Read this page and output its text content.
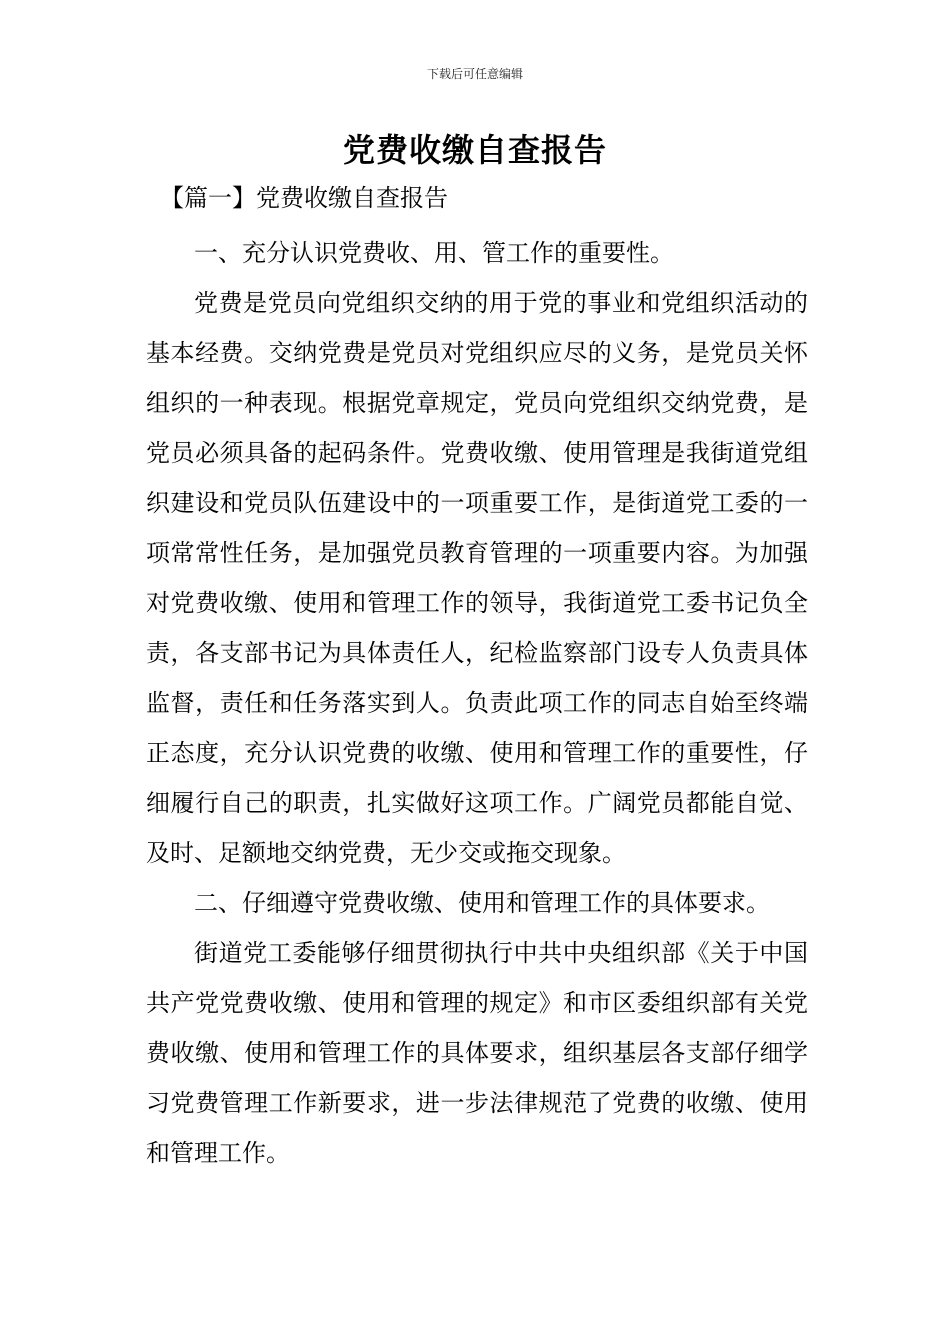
下载后可任意编辑
党费收缴自查报告
【篇一】党费收缴自查报告

一、充分认识党费收、用、管工作的重要性。

党费是党员向党组织交纳的用于党的事业和党组织活动的基本经费。交纳党费是党员对党组织应尽的义务，是党员关怀组织的一种表现。根据党章规定，党员向党组织交纳党费，是党员必须具备的起码条件。党费收缴、使用管理是我街道党组织建设和党员队伍建设中的一项重要工作，是街道党工委的一项常常性任务，是加强党员教育管理的一项重要内容。为加强对党费收缴、使用和管理工作的领导，我街道党工委书记负全责，各支部书记为具体责任人，纪检监察部门设专人负责具体监督，责任和任务落实到人。负责此项工作的同志自始至终端正态度，充分认识党费的收缴、使用和管理工作的重要性，仔细履行自己的职责，扎实做好这项工作。广阔党员都能自觉、及时、足额地交纳党费，无少交或拖交现象。

二、仔细遵守党费收缴、使用和管理工作的具体要求。

街道党工委能够仔细贯彻执行中共中央组织部《关于中国共产党党费收缴、使用和管理的规定》和市区委组织部有关党费收缴、使用和管理工作的具体要求，组织基层各支部仔细学习党费管理工作新要求，进一步法律规范了党费的收缴、使用和管理工作。
